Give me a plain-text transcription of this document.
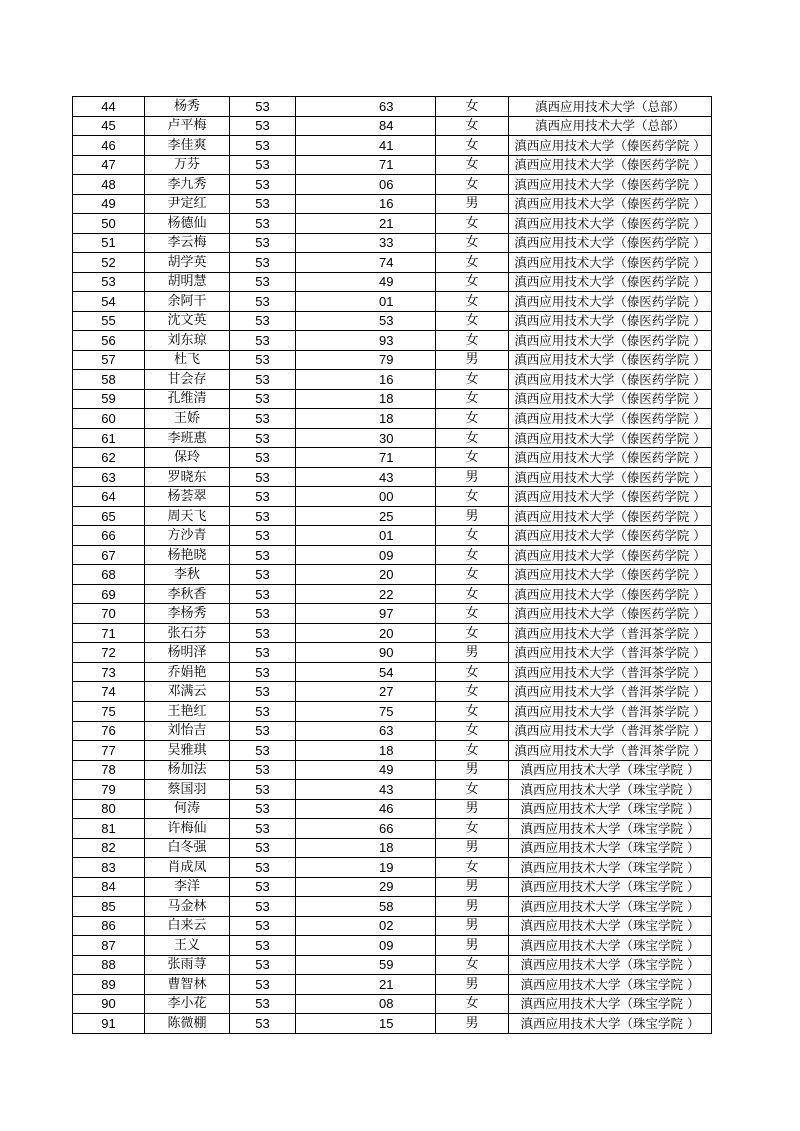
44	杨秀	53		63	女	滇西应用技术大学（总部）
45	卢平梅	53		84	女	滇西应用技术大学（总部）
46	李佳爽	53		41	女	滇西应用技术大学（傣医药学院 ）
47	万芬	53		71	女	滇西应用技术大学（傣医药学院 ）
48	李九秀	53		06	女	滇西应用技术大学（傣医药学院 ）
49	尹定红	53		16	男	滇西应用技术大学（傣医药学院 ）
50	杨德仙	53		21	女	滇西应用技术大学（傣医药学院 ）
51	李云梅	53		33	女	滇西应用技术大学（傣医药学院 ）
52	胡学英	53		74	女	滇西应用技术大学（傣医药学院 ）
53	胡明慧	53		49	女	滇西应用技术大学（傣医药学院 ）
54	余阿干	53		01	女	滇西应用技术大学（傣医药学院 ）
55	沈文英	53		53	女	滇西应用技术大学（傣医药学院 ）
56	刘东琼	53		93	女	滇西应用技术大学（傣医药学院 ）
57	杜飞	53		79	男	滇西应用技术大学（傣医药学院 ）
58	甘会存	53		16	女	滇西应用技术大学（傣医药学院 ）
59	孔维清	53		18	女	滇西应用技术大学（傣医药学院 ）
60	王娇	53		18	女	滇西应用技术大学（傣医药学院 ）
61	李班惠	53		30	女	滇西应用技术大学（傣医药学院 ）
62	保玲	53		71	女	滇西应用技术大学（傣医药学院 ）
63	罗晓东	53		43	男	滇西应用技术大学（傣医药学院 ）
64	杨荟翠	53		00	女	滇西应用技术大学（傣医药学院 ）
65	周天飞	53		25	男	滇西应用技术大学（傣医药学院 ）
66	方沙青	53		01	女	滇西应用技术大学（傣医药学院 ）
67	杨艳晓	53		09	女	滇西应用技术大学（傣医药学院 ）
68	李秋	53		20	女	滇西应用技术大学（傣医药学院 ）
69	李秋香	53		22	女	滇西应用技术大学（傣医药学院 ）
70	李杨秀	53		97	女	滇西应用技术大学（傣医药学院 ）
71	张石芬	53		20	女	滇西应用技术大学（普洱茶学院 ）
72	杨明泽	53		90	男	滇西应用技术大学（普洱茶学院 ）
73	乔娟艳	53		54	女	滇西应用技术大学（普洱茶学院 ）
74	邓满云	53		27	女	滇西应用技术大学（普洱茶学院 ）
75	王艳红	53		75	女	滇西应用技术大学（普洱茶学院 ）
76	刘怡吉	53		63	女	滇西应用技术大学（普洱茶学院 ）
77	吴雅琪	53		18	女	滇西应用技术大学（普洱茶学院 ）
78	杨加法	53		49	男	滇西应用技术大学（珠宝学院 ）
79	蔡国羽	53		43	女	滇西应用技术大学（珠宝学院 ）
80	何涛	53		46	男	滇西应用技术大学（珠宝学院 ）
81	许梅仙	53		66	女	滇西应用技术大学（珠宝学院 ）
82	白冬强	53		18	男	滇西应用技术大学（珠宝学院 ）
83	肖成凤	53		19	女	滇西应用技术大学（珠宝学院 ）
84	李洋	53		29	男	滇西应用技术大学（珠宝学院 ）
85	马金林	53		58	男	滇西应用技术大学（珠宝学院 ）
86	白来云	53		02	男	滇西应用技术大学（珠宝学院 ）
87	王义	53		09	男	滇西应用技术大学（珠宝学院 ）
88	张雨荨	53		59	女	滇西应用技术大学（珠宝学院 ）
89	曹智林	53		21	男	滇西应用技术大学（珠宝学院 ）
90	李小花	53		08	女	滇西应用技术大学（珠宝学院 ）
91	陈微棚	53		15	男	滇西应用技术大学（珠宝学院 ）
